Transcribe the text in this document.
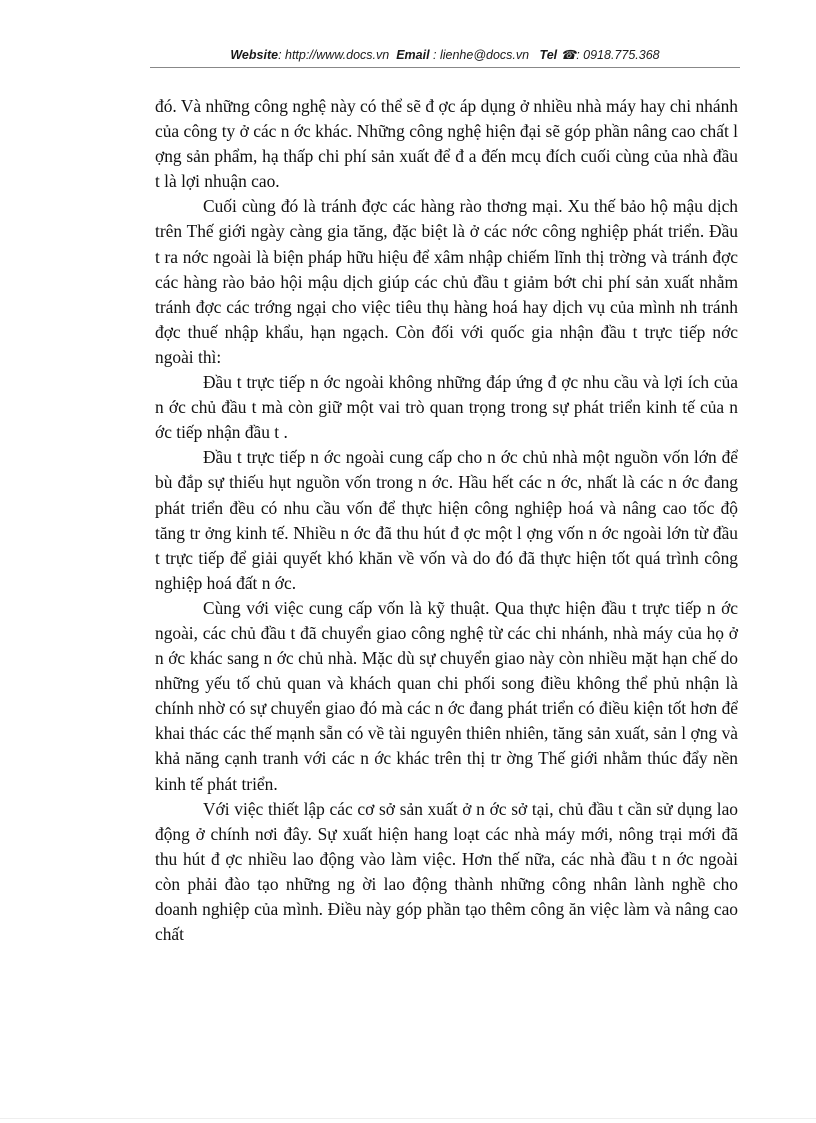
Website: http://www.docs.vn Email : lienhe@docs.vn Tel ☎: 0918.775.368

đó. Và những công nghệ này có thể sẽ đ ợc áp dụng ở nhiều nhà máy hay chi nhánh của công ty ở các n ớc khác. Những công nghệ hiện đại sẽ góp phần nâng cao chất l ợng sản phẩm, hạ thấp chi phí sản xuất để đ a đến mcụ đích cuối cùng của nhà đầu t là lợi nhuận cao.

Cuối cùng đó là tránh đợc các hàng rào thơng mại. Xu thế bảo hộ mậu dịch trên Thế giới ngày càng gia tăng, đặc biệt là ở các nớc công nghiệp phát triển. Đầu t ra nớc ngoài là biện pháp hữu hiệu để xâm nhập chiếm lĩnh thị trờng và tránh đợc các hàng rào bảo hội mậu dịch giúp các chủ đầu t giảm bớt chi phí sản xuất nhằm tránh đợc các trớng ngại cho việc tiêu thụ hàng hoá hay dịch vụ của mình nh tránh đợc thuế nhập khẩu, hạn ngạch. Còn đối với quốc gia nhận đầu t trực tiếp nớc ngoài thì:

Đầu t trực tiếp n ớc ngoài không những đáp ứng đ ợc nhu cầu và lợi ích của n ớc chủ đầu t mà còn giữ một vai trò quan trọng trong sự phát triển kinh tế của n ớc tiếp nhận đầu t .

Đầu t trực tiếp n ớc ngoài cung cấp cho n ớc chủ nhà một nguồn vốn lớn để bù đắp sự thiếu hụt nguồn vốn trong n ớc. Hầu hết các n ớc, nhất là các n ớc đang phát triển đều có nhu cầu vốn để thực hiện công nghiệp hoá và nâng cao tốc độ tăng tr ởng kinh tế. Nhiều n ớc đã thu hút đ ợc một l ợng vốn n ớc ngoài lớn từ đầu t trực tiếp để giải quyết khó khăn về vốn và do đó đã thực hiện tốt quá trình công nghiệp hoá đất n ớc.

Cùng với việc cung cấp vốn là kỹ thuật. Qua thực hiện đầu t trực tiếp n ớc ngoài, các chủ đầu t đã chuyển giao công nghệ từ các chi nhánh, nhà máy của họ ở n ớc khác sang n ớc chủ nhà. Mặc dù sự chuyển giao này còn nhiều mặt hạn chế do những yếu tố chủ quan và khách quan chi phối song điều không thể phủ nhận là chính nhờ có sự chuyển giao đó mà các n ớc đang phát triển có điều kiện tốt hơn để khai thác các thế mạnh sẵn có về tài nguyên thiên nhiên, tăng sản xuất, sản l ợng và khả năng cạnh tranh với các n ớc khác trên thị tr ờng Thế giới nhằm thúc đẩy nền kinh tế phát triển.

Với việc thiết lập các cơ sở sản xuất ở n ớc sở tại, chủ đầu t cần sử dụng lao động ở chính nơi đây. Sự xuất hiện hang loạt các nhà máy mới, nông trại mới đã thu hút đ ợc nhiều lao động vào làm việc. Hơn thế nữa, các nhà đầu t n ớc ngoài còn phải đào tạo những ng ời lao động thành những công nhân lành nghề cho doanh nghiệp của mình. Điều này góp phần tạo thêm công ăn việc làm và nâng cao chất
